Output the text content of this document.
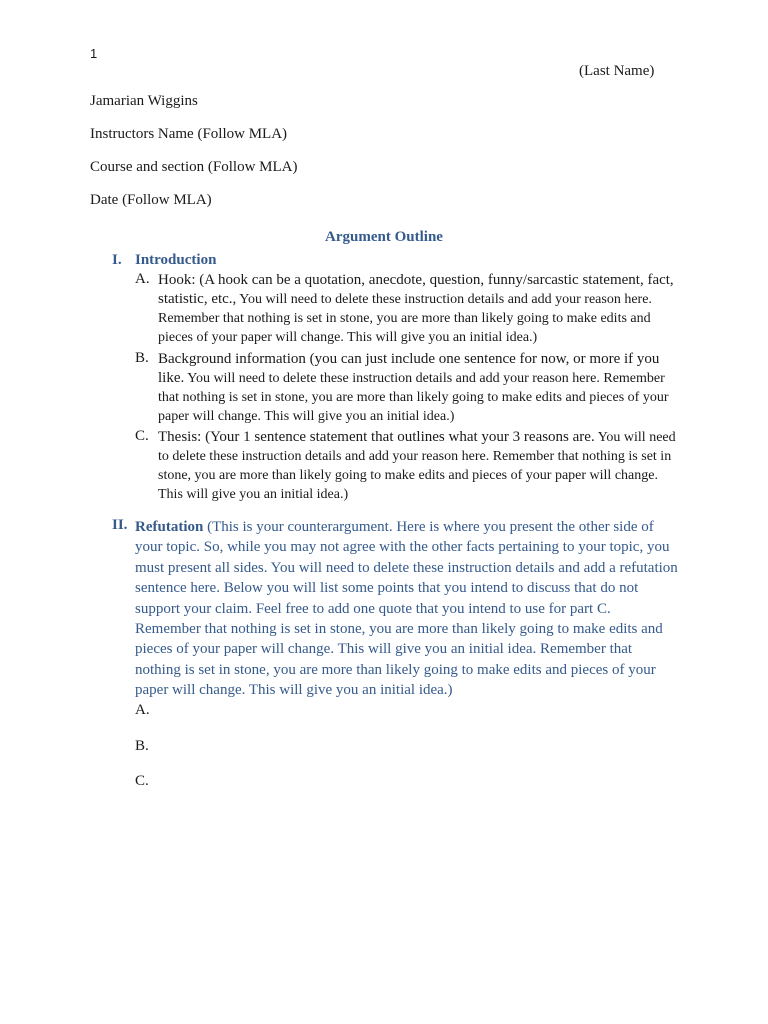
1
(Last Name)
Jamarian Wiggins
Instructors Name (Follow MLA)
Course and section (Follow MLA)
Date (Follow MLA)
Argument Outline
I. Introduction
A. Hook: (A hook can be a quotation, anecdote, question, funny/sarcastic statement, fact, statistic, etc., You will need to delete these instruction details and add your reason here. Remember that nothing is set in stone, you are more than likely going to make edits and pieces of your paper will change. This will give you an initial idea.)
B. Background information (you can just include one sentence for now, or more if you like. You will need to delete these instruction details and add your reason here. Remember that nothing is set in stone, you are more than likely going to make edits and pieces of your paper will change. This will give you an initial idea.)
C. Thesis: (Your 1 sentence statement that outlines what your 3 reasons are. You will need to delete these instruction details and add your reason here. Remember that nothing is set in stone, you are more than likely going to make edits and pieces of your paper will change. This will give you an initial idea.)
II. Refutation (This is your counterargument. Here is where you present the other side of your topic. So, while you may not agree with the other facts pertaining to your topic, you must present all sides. You will need to delete these instruction details and add a refutation sentence here. Below you will list some points that you intend to discuss that do not support your claim. Feel free to add one quote that you intend to use for part C. Remember that nothing is set in stone, you are more than likely going to make edits and pieces of your paper will change. This will give you an initial idea. Remember that nothing is set in stone, you are more than likely going to make edits and pieces of your paper will change. This will give you an initial idea.)
A.
B.
C.
